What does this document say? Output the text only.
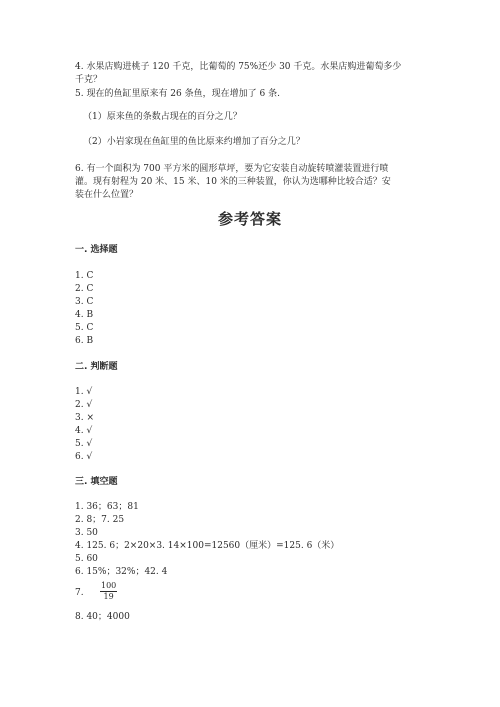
4. 水果店购进桃子 120 千克，比葡萄的 75%还少 30 千克。水果店购进葡萄多少

千克？

5. 现在的鱼缸里原来有 26 条鱼，现在增加了 6 条.

（1）原来鱼的条数占现在的百分之几？

（2）小岩家现在鱼缸里的鱼比原来约增加了百分之几？

6. 有一个面积为 700 平方米的圆形草坪，要为它安装自动旋转喷灌装置进行喷

灌。现有射程为 20 米、15 米、10 米的三种装置，你认为选哪种比较合适？安

装在什么位置？

参考答案
一. 选择题
1. C
2. C
3. C
4. B
5. C
6. B
二. 判断题
1. √
2. √
3. ×
4. √
5. √
6. √
三. 填空题
1. 36；63；81
2. 8；7. 25
3. 50
4. 125. 6；2×20×3. 14×100=12560（厘米）=125. 6（米）
5. 60
6. 15%；32%；42. 4
7. $\frac{100}{19}$
8. 40；4000
